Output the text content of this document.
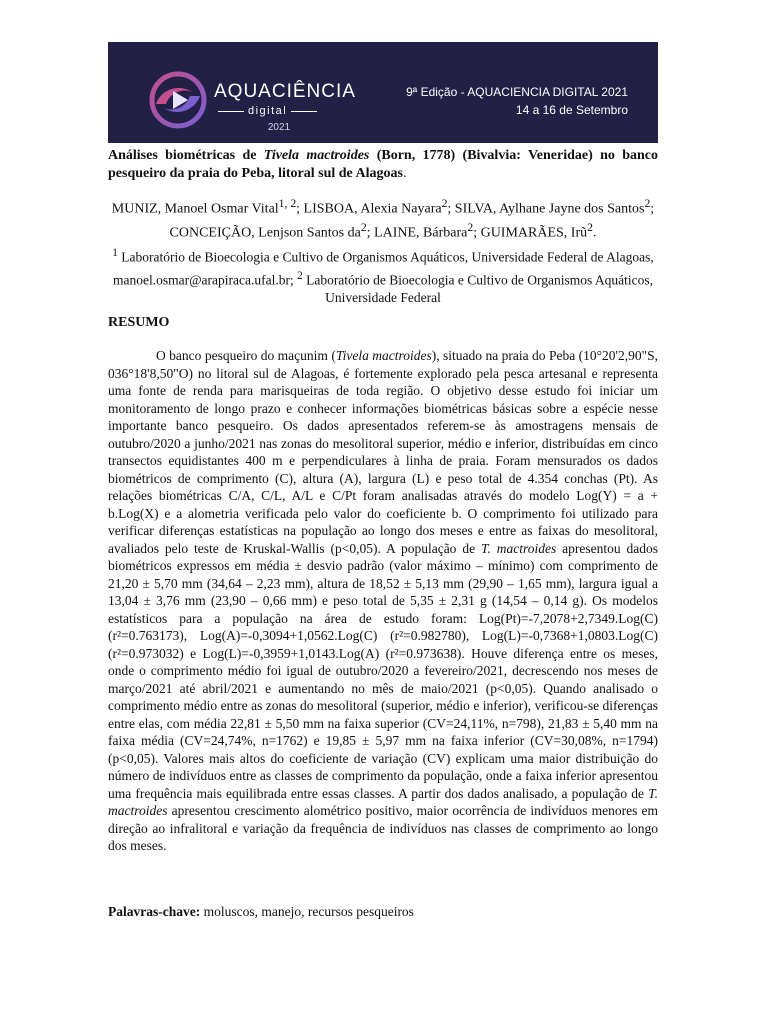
AQUACIÊNCIA
digital
2021
9ª Edição - AQUACIENCIA DIGITAL 2021
14 a 16 de Setembro
Análises biométricas de Tivela mactroides (Born, 1778) (Bivalvia: Veneridae) no banco pesqueiro da praia do Peba, litoral sul de Alagoas.

MUNIZ, Manoel Osmar Vital$^{1, 2}$; LISBOA, Alexia Nayara$^2$; SILVA, Aylhane Jayne dos Santos$^2$; CONCEIÇÃO, Lenjson Santos $da^2$; LAINE, Bárbara$^2$; GUIMARÃES, Irũ$^2$.

$^1$ Laboratório de Bioecologia e Cultivo de Organismos Aquáticos, Universidade Federal de Alagoas, manoel.osmar@arapiraca.ufal.br; $^2$ Laboratório de Bioecologia e Cultivo de Organismos Aquáticos, Universidade Federal

RESUMO

O banco pesqueiro do maçunim (Tivela mactroides), situado na praia do Peba (10°20'2,90"S, 036°18'8,50"O) no litoral sul de Alagoas, é fortemente explorado pela pesca artesanal e representa uma fonte de renda para marisqueiras de toda região. O objetivo desse estudo foi iniciar um monitoramento de longo prazo e conhecer informações biométricas básicas sobre a espécie nesse importante banco pesqueiro. Os dados apresentados referem-se às amostragens mensais de outubro/2020 a junho/2021 nas zonas do mesolitoral superior, médio e inferior, distribuídas em cinco transectos equidistantes 400 m e perpendiculares à linha de praia. Foram mensurados os dados biométricos de comprimento (C), altura (A), largura (L) e peso total de 4.354 conchas (Pt). As relações biométricas C/A, C/L, A/L e C/Pt foram analisadas através do modelo Log(Y) = a + b.Log(X) e a alometria verificada pelo valor do coeficiente b. O comprimento foi utilizado para verificar diferenças estatísticas na população ao longo dos meses e entre as faixas do mesolitoral, avaliados pelo teste de Kruskal-Wallis (p<0,05). A população de T. mactroides apresentou dados biométricos expressos em média ± desvio padrão (valor máximo – mínimo) com comprimento de 21,20 ± 5,70 mm (34,64 – 2,23 mm), altura de 18,52 ± 5,13 mm (29,90 – 1,65 mm), largura igual a 13,04 ± 3,76 mm (23,90 – 0,66 mm) e peso total de 5,35 ± 2,31 g (14,54 – 0,14 g). Os modelos estatísticos para a população na área de estudo foram: Log(Pt)=-7,2078+2,7349.Log(C) (r²=0.763173), Log(A)=-0,3094+1,0562.Log(C) (r²=0.982780), Log(L)=-0,7368+1,0803.Log(C) (r²=0.973032) e Log(L)=-0,3959+1,0143.Log(A) (r²=0.973638). Houve diferença entre os meses, onde o comprimento médio foi igual de outubro/2020 a fevereiro/2021, decrescendo nos meses de março/2021 até abril/2021 e aumentando no mês de maio/2021 (p<0,05). Quando analisado o comprimento médio entre as zonas do mesolitoral (superior, médio e inferior), verificou-se diferenças entre elas, com média 22,81 ± 5,50 mm na faixa superior (CV=24,11%, n=798), 21,83 ± 5,40 mm na faixa média (CV=24,74%, n=1762) e 19,85 ± 5,97 mm na faixa inferior (CV=30,08%, n=1794) (p<0,05). Valores mais altos do coeficiente de variação (CV) explicam uma maior distribuição do número de indivíduos entre as classes de comprimento da população, onde a faixa inferior apresentou uma frequência mais equilibrada entre essas classes. A partir dos dados analisado, a população de T. mactroides apresentou crescimento alométrico positivo, maior ocorrência de indivíduos menores em direção ao infralitoral e variação da frequência de indivíduos nas classes de comprimento ao longo dos meses.

Palavras-chave: moluscos, manejo, recursos pesqueiros
